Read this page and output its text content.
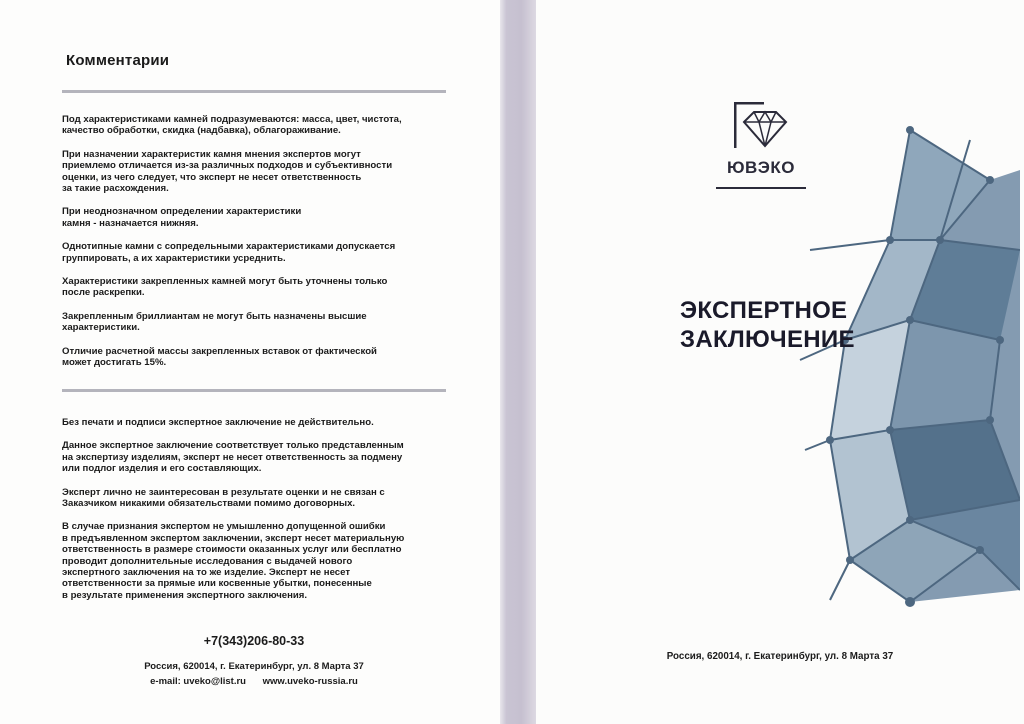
Комментарии

Под характеристиками камней подразумеваются: масса, цвет, чистота,
качество обработки, скидка (надбавка), облагораживание.

При назначении характеристик камня мнения экспертов могут
приемлемо отличается из-за различных подходов и субъективности
оценки, из чего следует, что эксперт не несет ответственность
за такие расхождения.

При неоднозначном определении характеристики
камня - назначается нижняя.

Однотипные камни с сопредельными характеристиками допускается
группировать, а их характеристики усреднить.

Характеристики закрепленных камней могут быть уточнены только
после раскрепки.

Закрепленным бриллиантам не могут быть назначены высшие
характеристики.

Отличие расчетной массы закрепленных вставок от фактической
может достигать 15%.

Без печати и подписи экспертное заключение не действительно.

Данное экспертное заключение соответствует только представленным
на экспертизу изделиям, эксперт не несет ответственность за подмену
или подлог изделия и его составляющих.

Эксперт лично не заинтересован в результате оценки и не связан с
Заказчиком никакими обязательствами помимо договорных.

В случае признания экспертом не умышленно допущенной ошибки
в предъявленном экспертом заключении, эксперт несет материальную
ответственность в размере стоимости оказанных услуг или бесплатно
проводит дополнительные исследования с выдачей нового
экспертного заключения на то же изделие. Эксперт не несет
ответственности за прямые или косвенные убытки, понесенные
в результате применения экспертного заключения.

+7(343)206-80-33
Россия, 620014, г. Екатеринбург, ул. 8 Марта 37
e-mail: uveko@list.ru www.uveko-russia.ru
ЮВЭКО
ЭКСПЕРТНОЕ
ЗАКЛЮЧЕНИЕ
Россия, 620014, г. Екатеринбург, ул. 8 Марта 37
